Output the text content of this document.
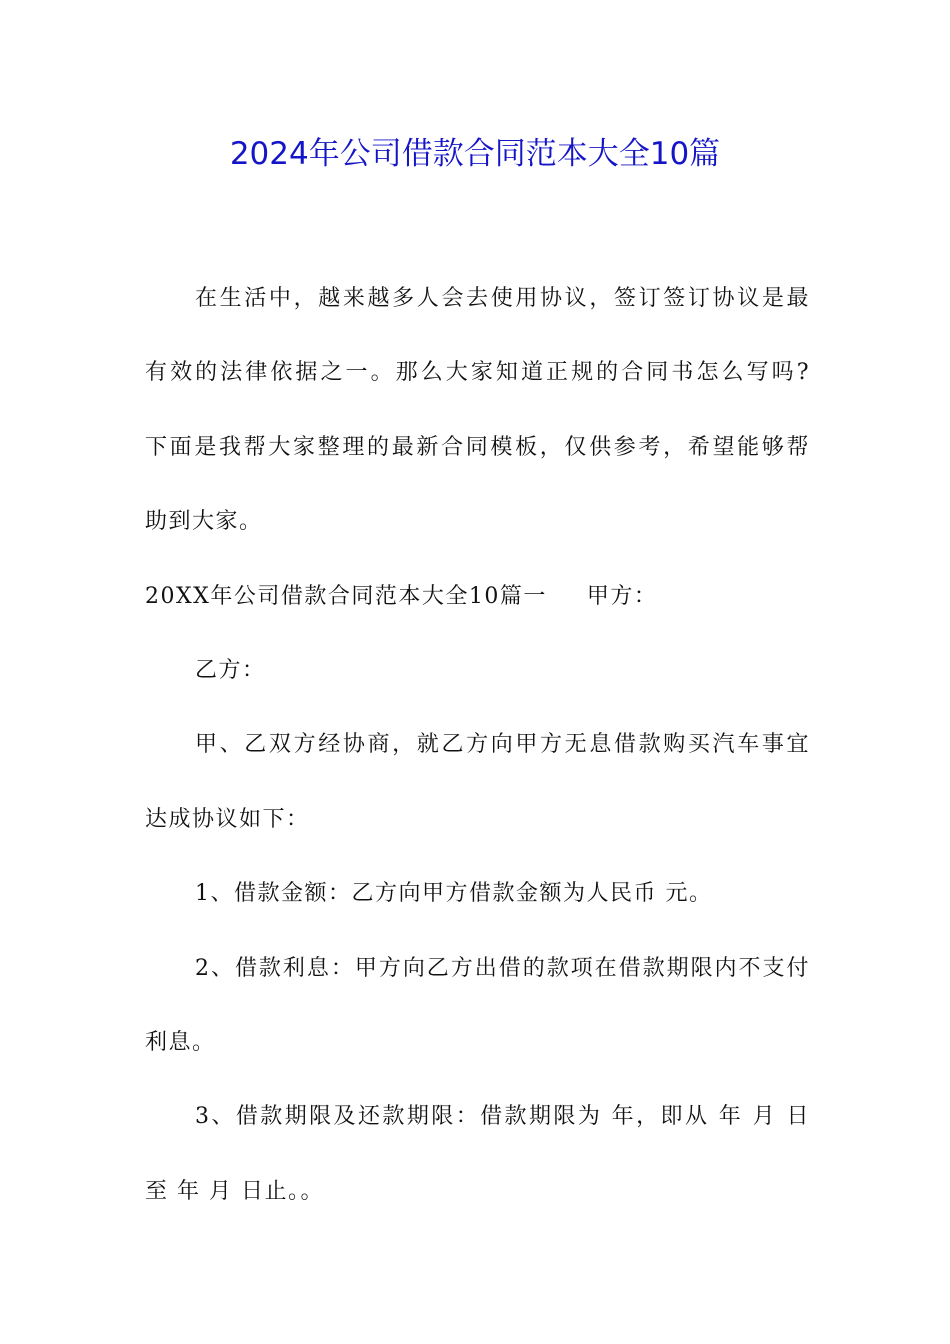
2024年公司借款合同范本大全10篇
在生活中，越来越多人会去使用协议，签订签订协议是最
有效的法律依据之一。那么大家知道正规的合同书怎么写吗?
下面是我帮大家整理的最新合同模板，仅供参考，希望能够帮
助到大家。
20XX年公司借款合同范本大全10篇一 甲方：
乙方：
甲、乙双方经协商，就乙方向甲方无息借款购买汽车事宜
达成协议如下：
1、借款金额：乙方向甲方借款金额为人民币 元。
2、借款利息：甲方向乙方出借的款项在借款期限内不支付
利息。
3、借款期限及还款期限：借款期限为 年，即从 年 月 日
至 年 月 日止。。
